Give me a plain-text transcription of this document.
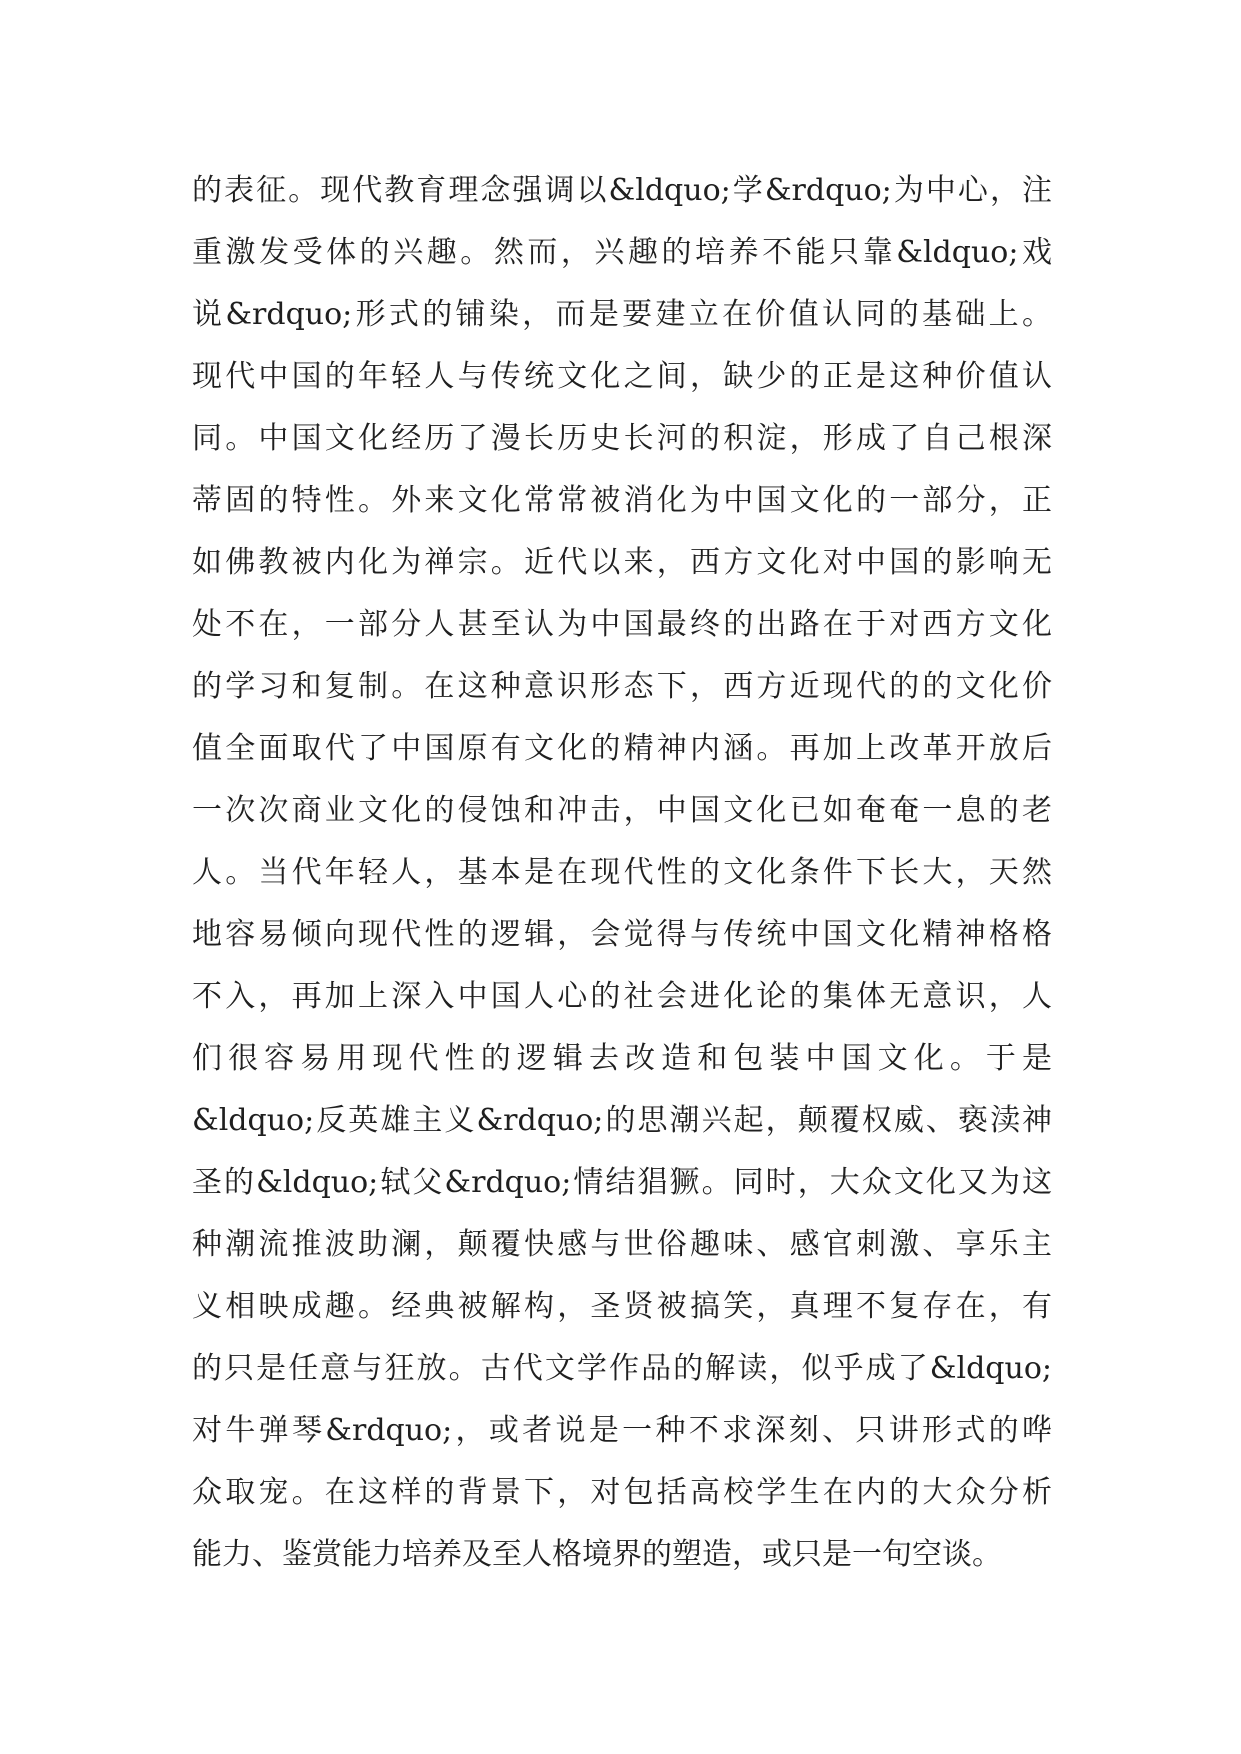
的表征。现代教育理念强调以&ldquo;学&rdquo;为中心，注
重激发受体的兴趣。然而，兴趣的培养不能只靠&ldquo;戏
说&rdquo;形式的铺染，而是要建立在价值认同的基础上。
现代中国的年轻人与传统文化之间，缺少的正是这种价值认
同。中国文化经历了漫长历史长河的积淀，形成了自己根深
蒂固的特性。外来文化常常被消化为中国文化的一部分，正
如佛教被内化为禅宗。近代以来，西方文化对中国的影响无
处不在，一部分人甚至认为中国最终的出路在于对西方文化
的学习和复制。在这种意识形态下，西方近现代的的文化价
值全面取代了中国原有文化的精神内涵。再加上改革开放后
一次次商业文化的侵蚀和冲击，中国文化已如奄奄一息的老
人。当代年轻人，基本是在现代性的文化条件下长大，天然
地容易倾向现代性的逻辑，会觉得与传统中国文化精神格格
不入，再加上深入中国人心的社会进化论的集体无意识，人
们很容易用现代性的逻辑去改造和包装中国文化。于是
&ldquo;反英雄主义&rdquo;的思潮兴起，颠覆权威、亵渎神
圣的&ldquo;轼父&rdquo;情结猖獗。同时，大众文化又为这
种潮流推波助澜，颠覆快感与世俗趣味、感官刺激、享乐主
义相映成趣。经典被解构，圣贤被搞笑，真理不复存在，有
的只是任意与狂放。古代文学作品的解读，似乎成了&ldquo;
对牛弹琴&rdquo;，或者说是一种不求深刻、只讲形式的哗
众取宠。在这样的背景下，对包括高校学生在内的大众分析
能力、鉴赏能力培养及至人格境界的塑造，或只是一句空谈。
